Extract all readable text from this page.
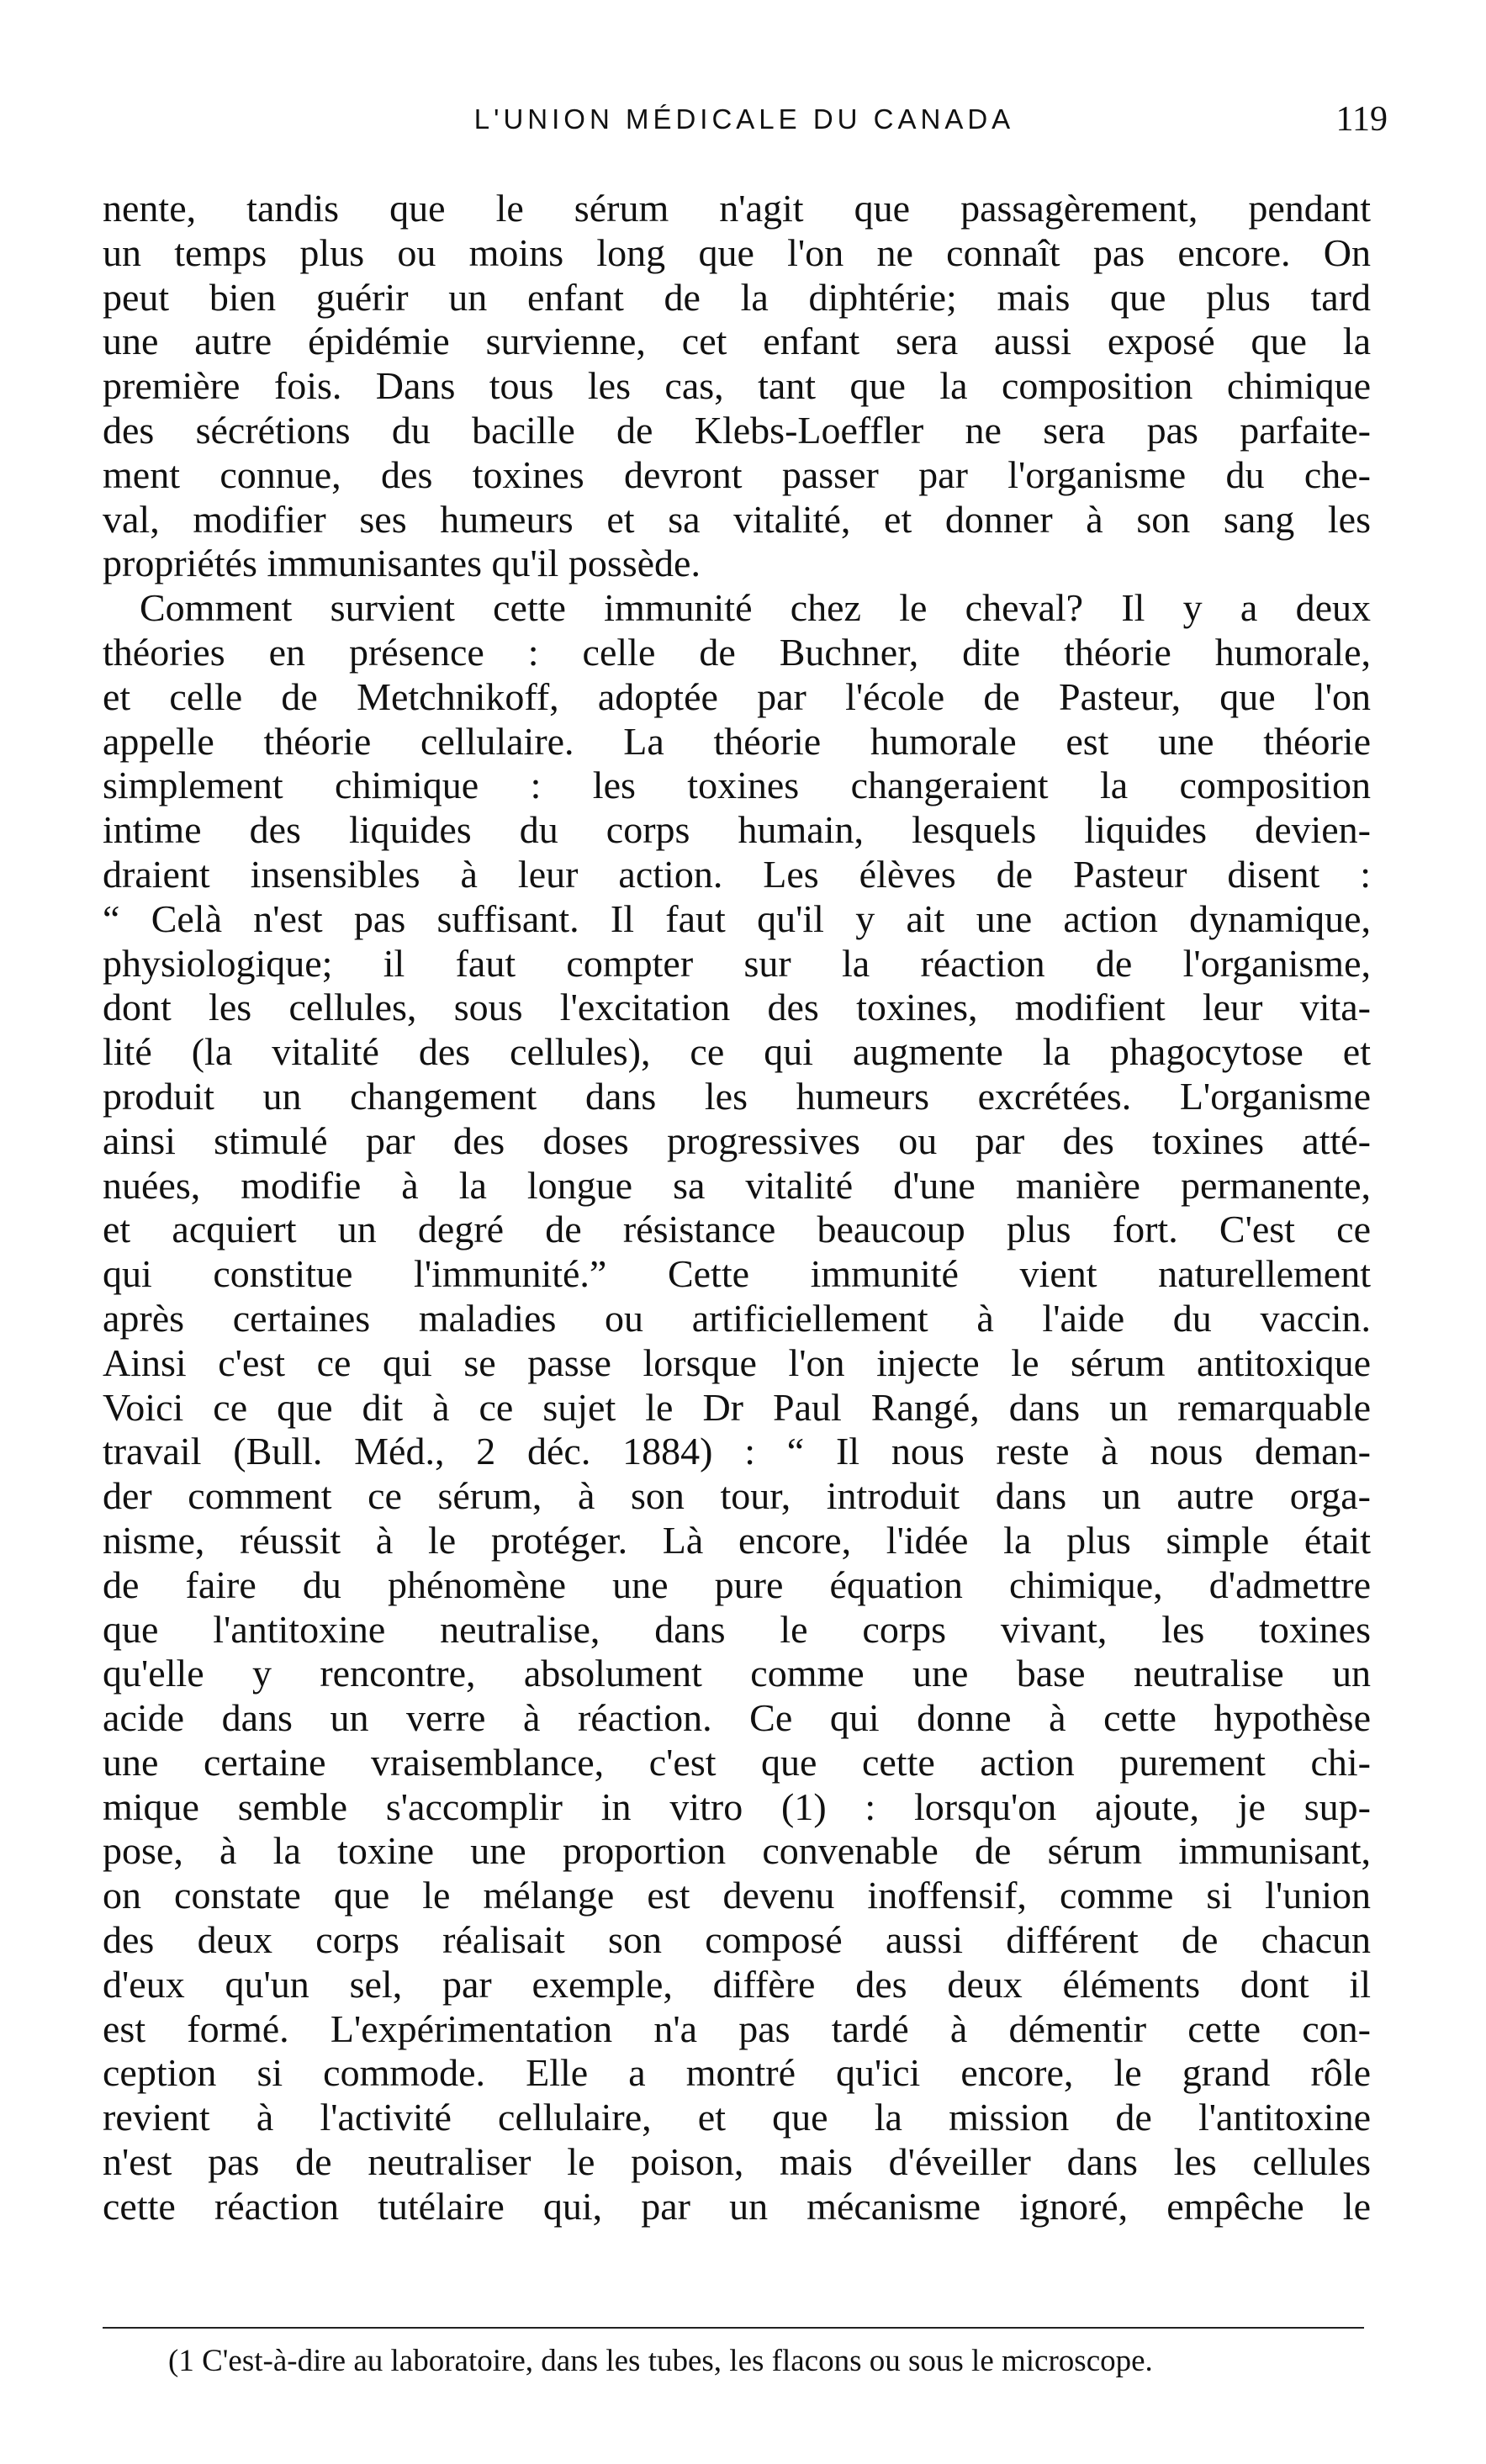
L'UNION MÉDICALE DU CANADA	119
nente, tandis que le sérum n'agit que passagèrement, pendant
un temps plus ou moins long que l'on ne connaît pas encore. On
peut bien guérir un enfant de la diphtérie; mais que plus tard
une autre épidémie survienne, cet enfant sera aussi exposé que la
première fois. Dans tous les cas, tant que la composition chimique
des sécrétions du bacille de Klebs-Loeffler ne sera pas parfaite-
ment connue, des toxines devront passer par l'organisme du che-
val, modifier ses humeurs et sa vitalité, et donner à son sang les
propriétés immunisantes qu'il possède.
Comment survient cette immunité chez le cheval? Il y a deux
théories en présence : celle de Buchner, dite théorie humorale,
et celle de Metchnikoff, adoptée par l'école de Pasteur, que l'on
appelle théorie cellulaire. La théorie humorale est une théorie
simplement chimique : les toxines changeraient la composition
intime des liquides du corps humain, lesquels liquides devien-
draient insensibles à leur action. Les élèves de Pasteur disent :
“ Celà n'est pas suffisant. Il faut qu'il y ait une action dynamique,
physiologique; il faut compter sur la réaction de l'organisme,
dont les cellules, sous l'excitation des toxines, modifient leur vita-
lité (la vitalité des cellules), ce qui augmente la phagocytose et
produit un changement dans les humeurs excrétées. L'organisme
ainsi stimulé par des doses progressives ou par des toxines atté-
nuées, modifie à la longue sa vitalité d'une manière permanente,
et acquiert un degré de résistance beaucoup plus fort. C'est ce
qui constitue l'immunité.” Cette immunité vient naturellement
après certaines maladies ou artificiellement à l'aide du vaccin.
Ainsi c'est ce qui se passe lorsque l'on injecte le sérum antitoxique
Voici ce que dit à ce sujet le Dr Paul Rangé, dans un remarquable
travail (Bull. Méd., 2 déc. 1884) : “ Il nous reste à nous deman-
der comment ce sérum, à son tour, introduit dans un autre orga-
nisme, réussit à le protéger. Là encore, l'idée la plus simple était
de faire du phénomène une pure équation chimique, d'admettre
que l'antitoxine neutralise, dans le corps vivant, les toxines
qu'elle y rencontre, absolument comme une base neutralise un
acide dans un verre à réaction. Ce qui donne à cette hypothèse
une certaine vraisemblance, c'est que cette action purement chi-
mique semble s'accomplir in vitro (1) : lorsqu'on ajoute, je sup-
pose, à la toxine une proportion convenable de sérum immunisant,
on constate que le mélange est devenu inoffensif, comme si l'union
des deux corps réalisait son composé aussi différent de chacun
d'eux qu'un sel, par exemple, diffère des deux éléments dont il
est formé. L'expérimentation n'a pas tardé à démentir cette con-
ception si commode. Elle a montré qu'ici encore, le grand rôle
revient à l'activité cellulaire, et que la mission de l'antitoxine
n'est pas de neutraliser le poison, mais d'éveiller dans les cellules
cette réaction tutélaire qui, par un mécanisme ignoré, empêche le
(1 C'est-à-dire au laboratoire, dans les tubes, les flacons ou sous le microscope.
